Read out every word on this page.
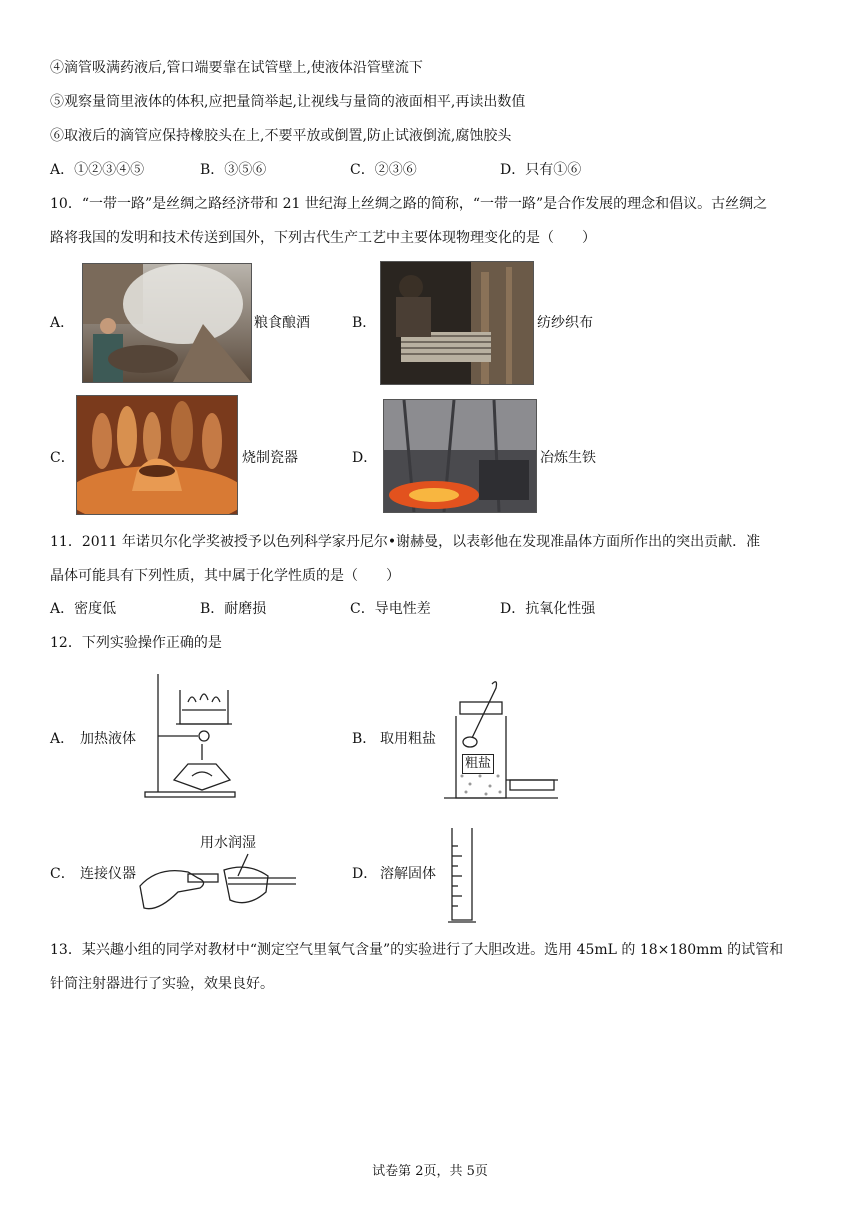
④滴管吸满药液后,管口端要靠在试管壁上,使液体沿管壁流下
⑤观察量筒里液体的体积,应把量筒举起,让视线与量筒的液面相平,再读出数值
⑥取液后的滴管应保持橡胶头在上,不要平放或倒置,防止试液倒流,腐蚀胶头
A．①②③④⑤	B．③⑤⑥	C．②③⑥	D．只有①⑥
10．“一带一路”是丝绸之路经济带和 21 世纪海上丝绸之路的简称，“一带一路”是合作发展的理念和倡议。古丝绸之
路将我国的发明和技术传送到国外，下列古代生产工艺中主要体现物理变化的是（　　）
A．	粮食酿酒	B．	纺纱织布
C．	烧制瓷器	D．	冶炼生铁
11．2011 年诺贝尔化学奖被授予以色列科学家丹尼尔•谢赫曼，以表彰他在发现准晶体方面所作出的突出贡献．准
晶体可能具有下列性质，其中属于化学性质的是（　　）
A．密度低	B．耐磨损	C．导电性差	D．抗氧化性强
12．下列实验操作正确的是
A． 加热液体	B． 取用粗盐
粗盐
C． 连接仪器
用水润湿
D． 溶解固体
13．某兴趣小组的同学对教材中“测定空气里氧气含量”的实验进行了大胆改进。选用 45mL 的 18×180mm 的试管和
针筒注射器进行了实验，效果良好。
试卷第 2页，共 5页
